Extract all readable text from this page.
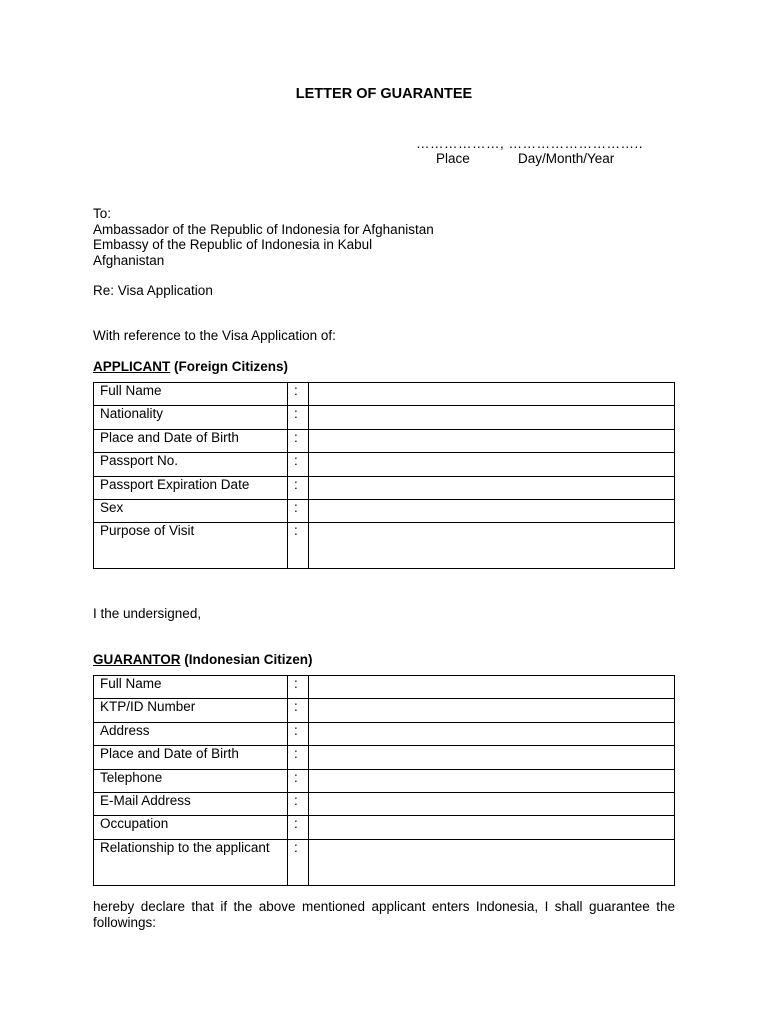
LETTER OF GUARANTEE
………………, ………………………..
Place	Day/Month/Year
To:
Ambassador of the Republic of Indonesia for Afghanistan
Embassy of the Republic of Indonesia in Kabul
Afghanistan
Re: Visa Application
With reference to the Visa Application of:
APPLICANT (Foreign Citizens)
Full Name	:	
Nationality	:	
Place and Date of Birth	:	
Passport No.	:	
Passport Expiration Date	:	
Sex	:	
Purpose of Visit	:	
I the undersigned,
GUARANTOR (Indonesian Citizen)
Full Name	:	
KTP/ID Number	:	
Address	:	
Place and Date of Birth	:	
Telephone	:	
E-Mail Address	:	
Occupation	:	
Relationship to the applicant	:	
hereby declare that if the above mentioned applicant enters Indonesia, I shall guarantee the followings:
